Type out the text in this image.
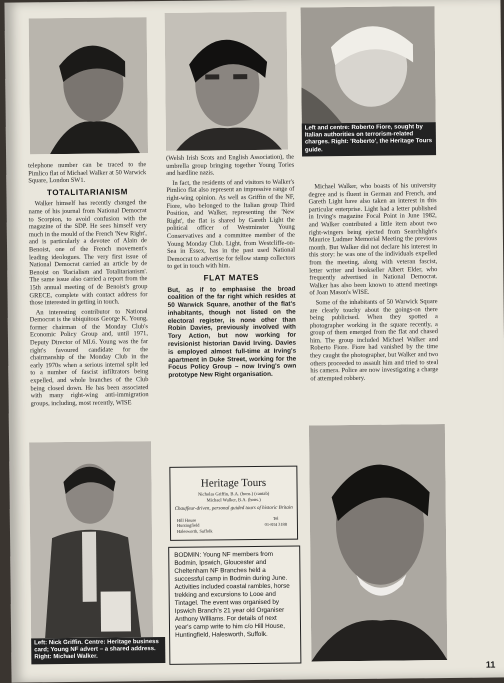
Left and centre: Roberto Fiore, sought by Italian authorities on terrorism-related charges. Right: 'Roberto', the Heritage Tours guide.

telephone number can be traced to the Pimlico flat of Michael Walker at 50 Warwick Square, London SW1.

TOTALITARIANISM

Walker himself has recently changed the name of his journal from National Democrat to Scorpion, to avoid confusion with the magazine of the SDP. He sees himself very much in the mould of the French 'New Right', and is particularly a devotee of Alain de Benoist, one of the French movement's leading ideologues. The very first issue of National Democrat carried an article by de Benoist on 'Racialism and Totalitarianism'. The same issue also carried a report from the 15th annual meeting of de Benoist's group GRECE, complete with contact address for those interested in getting in touch.

An interesting contributor to National Democrat is the ubiquitous George K. Young, former chairman of the Monday Club's Economic Policy Group and, until 1971, Deputy Director of MI.6. Young was the far right's favoured candidate for the chairmanship of the Monday Club in the early 1970s when a serious internal split led to a number of fascist infiltrators being expelled, and whole branches of the Club being closed down. He has been associated with many right-wing anti-immigration groups, including, most recently, WISE

(Welsh Irish Scots and English Association), the umbrella group bringing together Young Tories and hardline nazis.

In fact, the residents of and visitors to Walker's Pimlico flat also represent an impressive range of right-wing opinion. As well as Griffin of the NF, Fiore, who belonged to the Italian group Third Position, and Walker, representing the 'New Right', the flat is shared by Gareth Light the political officer of Westminster Young Conservatives and a committee member of the Young Monday Club. Light, from Westcliffe-on-Sea in Essex, has in the past used National Democrat to advertise for fellow stamp collectors to get in touch with him.

FLAT MATES

But, as if to emphasise the broad coalition of the far right which resides at 50 Warwick Square, another of the flat's inhabitants, though not listed on the electoral register, is none other than Robin Davies, previously involved with Tory Action, but now working for revisionist historian David Irving. Davies is employed almost full-time at Irving's apartment in Duke Street, working for the Focus Policy Group – now Irving's own prototype New Right organisation.

Michael Walker, who boasts of his university degree and is fluent in German and French, and Gareth Light have also taken an interest in this particular enterprise. Light had a letter published in Irving's magazine Focal Point in June 1982, and Walker contributed a little item about two right-wingers being ejected from Searchlight's Maurice Ludmer Memorial Meeting the previous month. But Walker did not declare his interest in this story: he was one of the individuals expelled from the meeting, along with veteran fascist, letter writer and bookseller Albert Elder, who frequently advertised in National Democrat. Walker has also been known to attend meetings of Joan Mason's WISE.

Some of the inhabitants of 50 Warwick Square are clearly touchy about the goings-on there being publicised. When they spotted a photographer working in the square recently, a group of them emerged from the flat and chased him. The group included Michael Walker and Roberto Fiore. Fiore had vanished by the time they caught the photographer, but Walker and two others proceeded to assault him and tried to steal his camera. Police are now investigating a charge of attempted robbery.

Left: Nick Griffin. Centre: Heritage business card; Young NF advert – a shared address. Right: Michael Walker.
Heritage Tours
Nicholas Griffin, B.A. (hons.) (cantab)
Michael Walker, B.A. (hons.)
Chauffeur-driven, personal guided tours of historic Britain
Hill House
Huntingfield
Halesworth, Suffolk
Tel
01-834 3188
BODMIN: Young NF members from Bodmin, Ipswich, Gloucester and Cheltenham NF Branches held a successful camp in Bodmin during June. Activities included coastal rambles, horse trekking and excursions to Looe and Tintagel. The event was organised by Ipswich Branch's 21 year old Organiser Anthony Williams. For details of next year's camp write to him c/o Hill House, Huntingfield, Halesworth, Suffolk.
11
